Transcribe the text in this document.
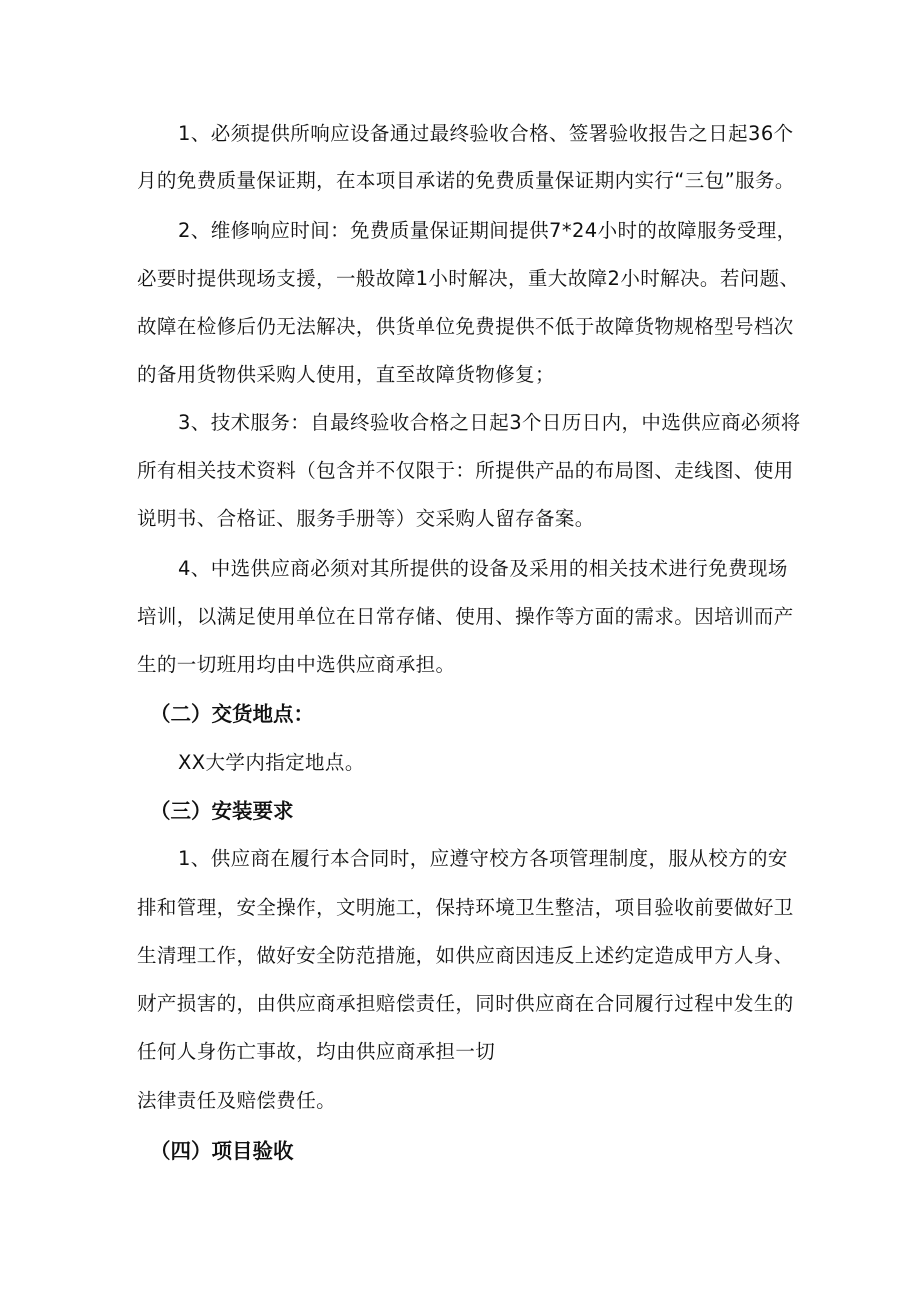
1、必须提供所响应设备通过最终验收合格、签署验收报告之日起36个
月的免费质量保证期，在本项目承诺的免费质量保证期内实行“三包”服务。
2、维修响应时间：免费质量保证期间提供7*24小时的故障服务受理，
必要时提供现场支援，一般故障1小时解决，重大故障2小时解决。若问题、
故障在检修后仍无法解决，供货单位免费提供不低于故障货物规格型号档次
的备用货物供采购人使用，直至故障货物修复；
3、技术服务：自最终验收合格之日起3个日历日内，中选供应商必须将
所有相关技术资料（包含并不仅限于：所提供产品的布局图、走线图、使用
说明书、合格证、服务手册等）交采购人留存备案。
4、中选供应商必须对其所提供的设备及采用的相关技术进行免费现场
培训，以满足使用单位在日常存储、使用、操作等方面的需求。因培训而产
生的一切班用均由中选供应商承担。
（二）交货地点：
XX大学内指定地点。
（三）安装要求
1、供应商在履行本合同时，应遵守校方各项管理制度，服从校方的安
排和管理，安全操作，文明施工，保持环境卫生整洁，项目验收前要做好卫
生清理工作，做好安全防范措施，如供应商因违反上述约定造成甲方人身、
财产损害的，由供应商承担赔偿责任，同时供应商在合同履行过程中发生的
任何人身伤亡事故，均由供应商承担一切
法律责任及赔偿费任。
（四）项目验收
